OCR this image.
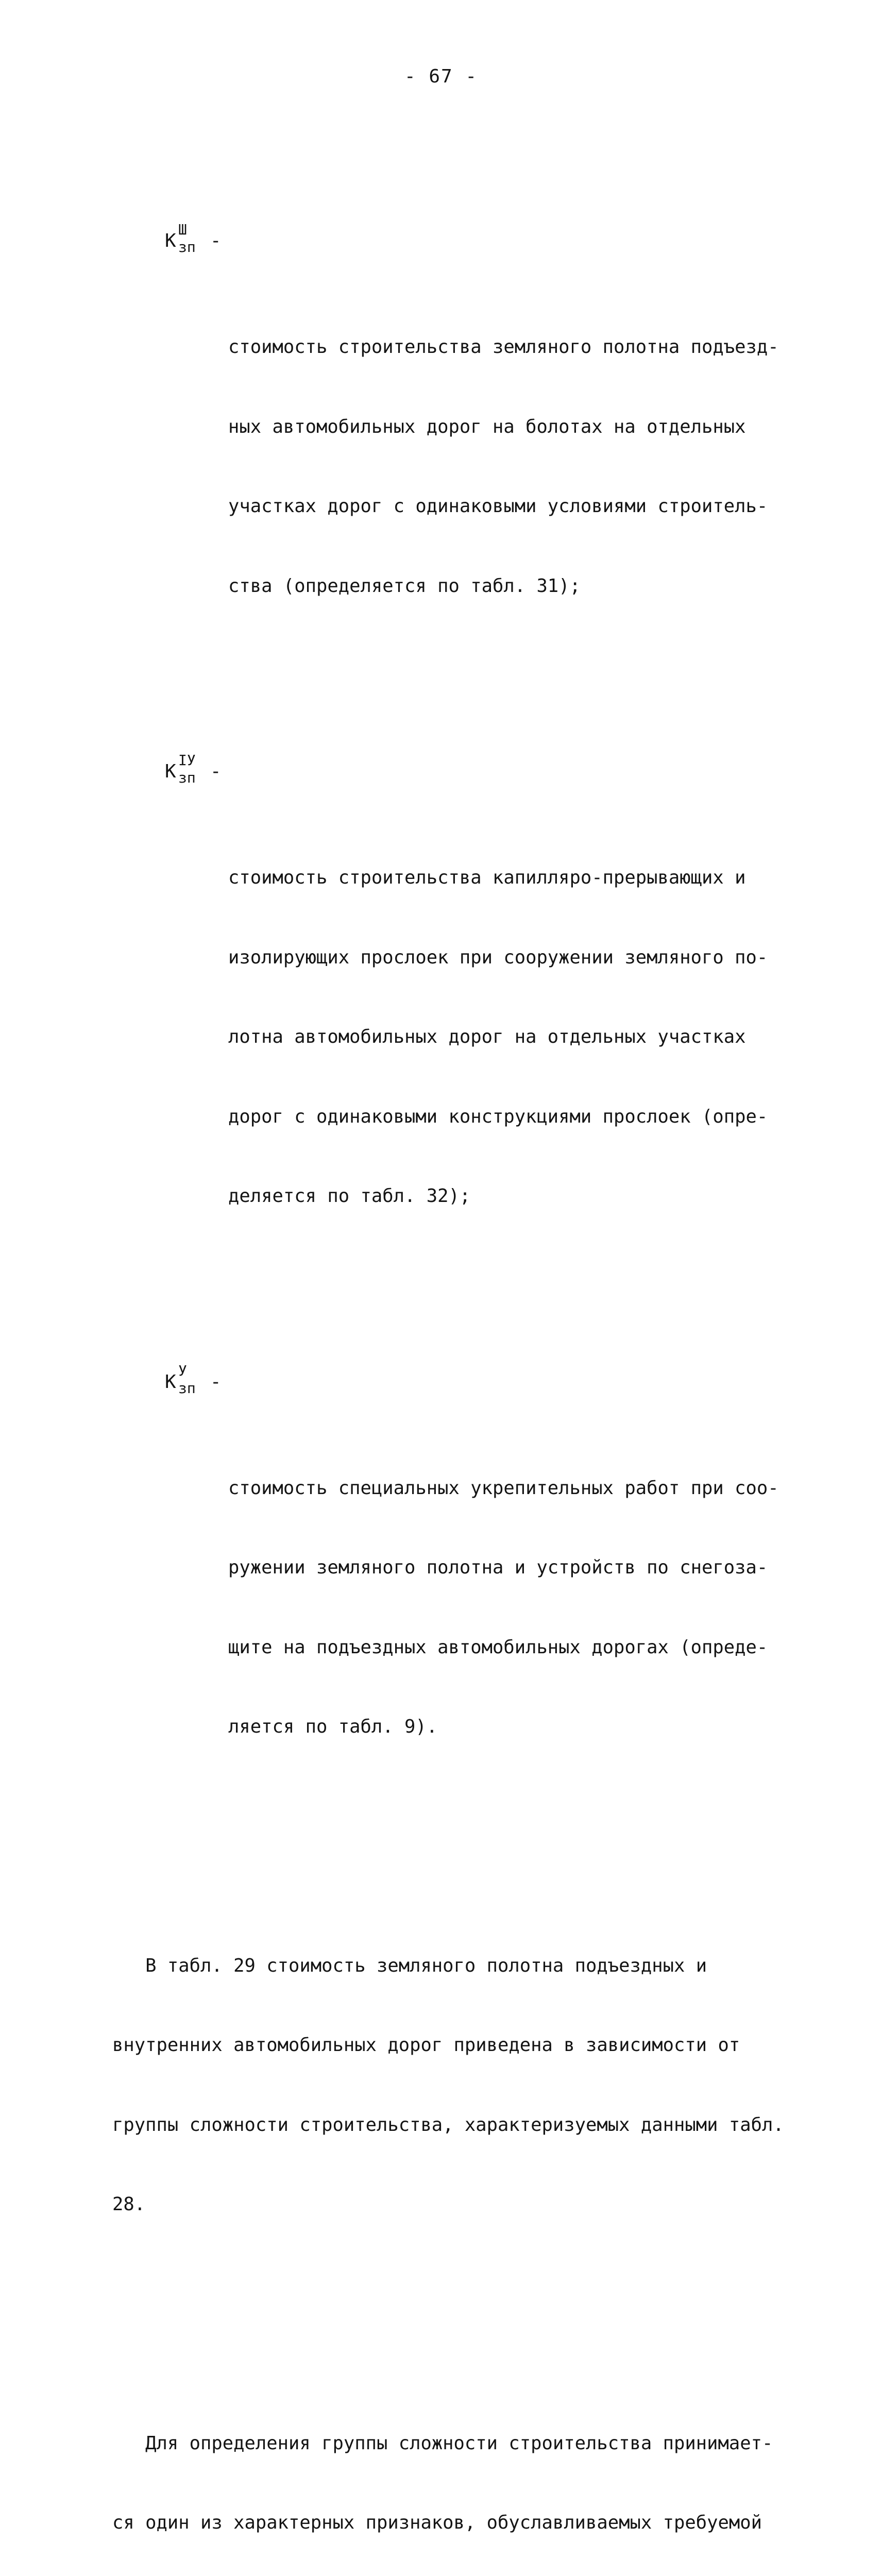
- 67 -

К

Ш

зп

-

стоимость строительства земляного полотна подъезд-

ных автомобильных дорог на болотах на отдельных

участках дорог с одинаковыми условиями строитель-

ства (определяется по табл. 31);

К

IУ

зп

-

стоимость строительства капилляро-прерывающих и

изолирующих прослоек при сооружении земляного по-

лотна автомобильных дорог на отдельных участках

дорог с одинаковыми конструкциями прослоек (опре-

деляется по табл. 32);

К

У

зп

-

стоимость специальных укрепительных работ при соо-

ружении земляного полотна и устройств по снегоза-

щите на подъездных автомобильных дорогах (опреде-

ляется по табл. 9).

В табл. 29 стоимость земляного полотна подъездных и

внутренних автомобильных дорог приведена в зависимости от

группы сложности строительства, характеризуемых данными табл.

28.

Для определения группы сложности строительства принимает-

ся один из характерных признаков, обуславливаемых требуемой
